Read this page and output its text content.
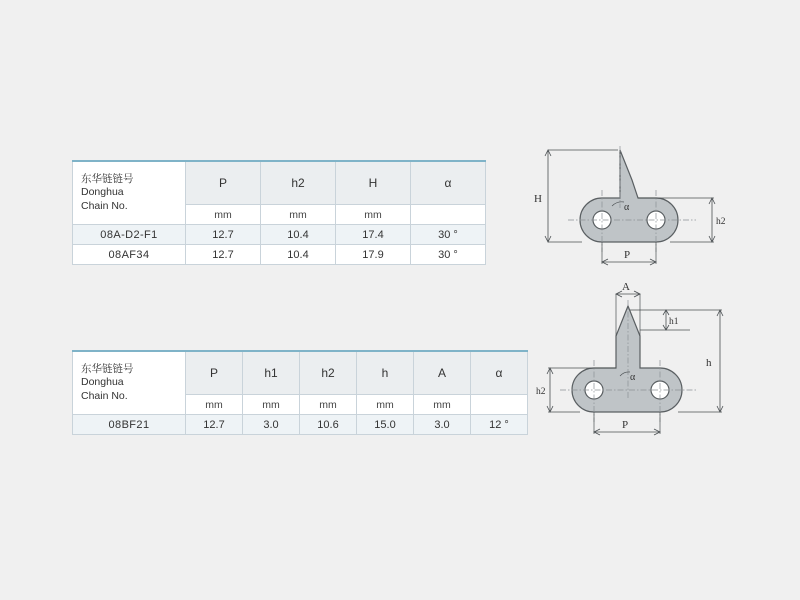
东华链链号
Donghua
Chain No.	P	h2	H	α
	mm	mm	mm	
08A-D2-F1	12.7	10.4	17.4	30 °
08AF34	12.7	10.4	17.9	30 °
东华链链号
Donghua
Chain No.	P	h1	h2	h	A	α
	mm	mm	mm	mm	mm	
08BF21	12.7	3.0	10.6	15.0	3.0	12 °
H
P
h2
α
A
h1
h
h2
P
α
